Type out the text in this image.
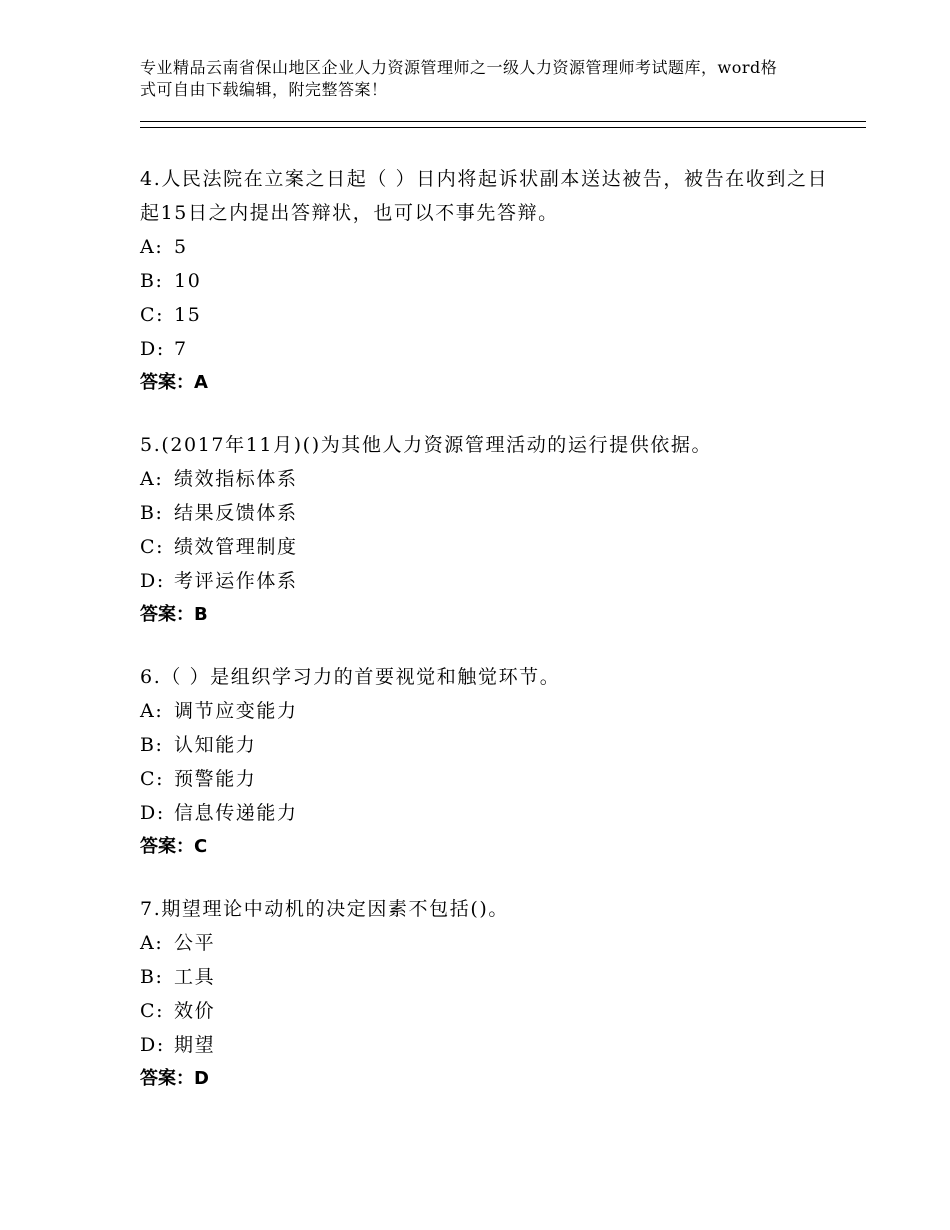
专业精品云南省保山地区企业人力资源管理师之一级人力资源管理师考试题库，word格式可自由下载编辑，附完整答案！

4.人民法院在立案之日起（ ）日内将起诉状副本送达被告，被告在收到之日起15日之内提出答辩状，也可以不事先答辩。

A: 5

B: 10

C: 15

D: 7

答案：A

5.(2017年11月)()为其他人力资源管理活动的运行提供依据。

A: 绩效指标体系

B: 结果反馈体系

C: 绩效管理制度

D: 考评运作体系

答案：B

6.（ ）是组织学习力的首要视觉和触觉环节。

A: 调节应变能力

B: 认知能力

C: 预警能力

D: 信息传递能力

答案：C

7.期望理论中动机的决定因素不包括()。

A: 公平

B: 工具

C: 效价

D: 期望

答案：D
